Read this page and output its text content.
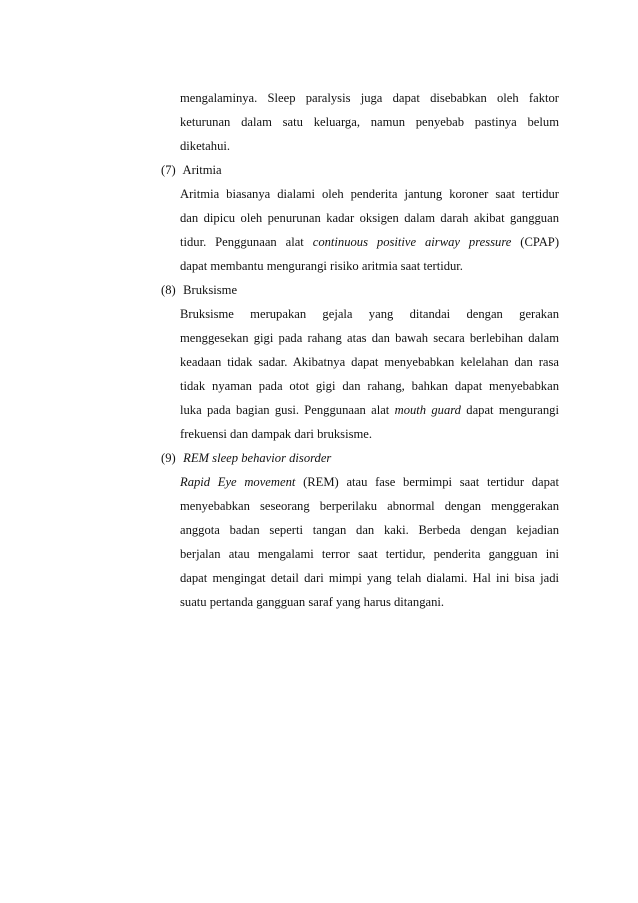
mengalaminya. Sleep paralysis juga dapat disebabkan oleh faktor
keturunan dalam satu keluarga, namun penyebab pastinya belum
diketahui.
(7) Aritmia
Aritmia biasanya dialami oleh penderita jantung koroner saat tertidur
dan dipicu oleh penurunan kadar oksigen dalam darah akibat gangguan
tidur. Penggunaan alat continuous positive airway pressure (CPAP)
dapat membantu mengurangi risiko aritmia saat tertidur.
(8) Bruksisme
Bruksisme merupakan gejala yang ditandai dengan gerakan
menggesekan gigi pada rahang atas dan bawah secara berlebihan dalam
keadaan tidak sadar. Akibatnya dapat menyebabkan kelelahan dan rasa
tidak nyaman pada otot gigi dan rahang, bahkan dapat menyebabkan
luka pada bagian gusi. Penggunaan alat mouth guard dapat mengurangi
frekuensi dan dampak dari bruksisme.
(9) REM sleep behavior disorder
Rapid Eye movement (REM) atau fase bermimpi saat tertidur dapat
menyebabkan seseorang berperilaku abnormal dengan menggerakan
anggota badan seperti tangan dan kaki. Berbeda dengan kejadian
berjalan atau mengalami terror saat tertidur, penderita gangguan ini
dapat mengingat detail dari mimpi yang telah dialami. Hal ini bisa jadi
suatu pertanda gangguan saraf yang harus ditangani.
